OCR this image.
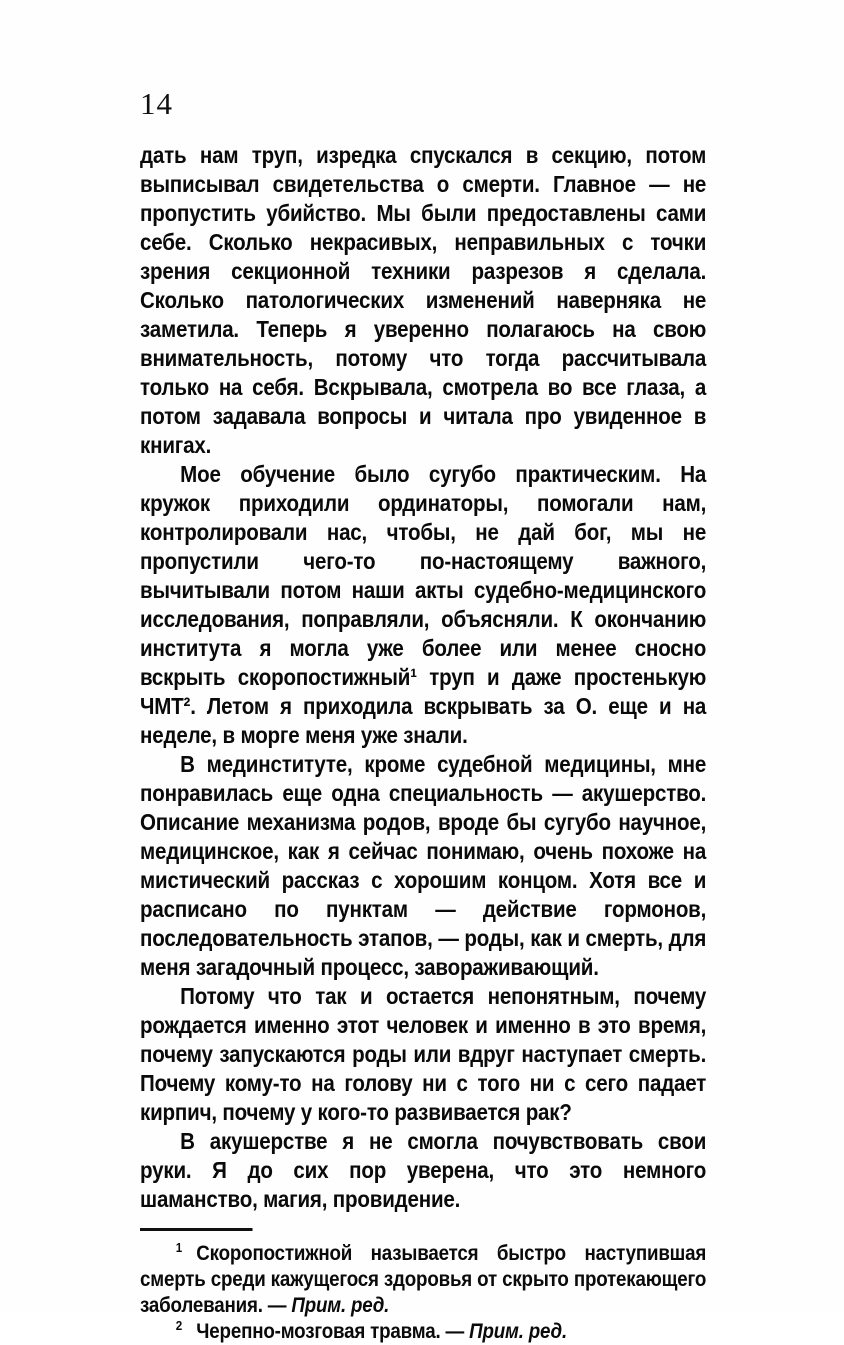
14

дать нам труп, изредка спускался в секцию, потом выписывал свидетельства о смерти. Главное — не пропустить убийство. Мы были предоставлены сами себе. Сколько некрасивых, неправильных с точки зрения секционной техники разрезов я сделала. Сколько патологических изменений наверняка не заметила. Теперь я уверенно полагаюсь на свою внимательность, потому что тогда рассчитывала только на себя. Вскрывала, смотрела во все глаза, а потом задавала вопросы и читала про увиденное в книгах.

Мое обучение было сугубо практическим. На кружок приходили ординаторы, помогали нам, контролировали нас, чтобы, не дай бог, мы не пропустили чего-то по-настоящему важного, вычитывали потом наши акты судебно-медицинского исследования, поправляли, объясняли. К окончанию института я могла уже более или менее сносно вскрыть скоропостижный¹ труп и даже простенькую ЧМТ². Летом я приходила вскрывать за О. еще и на неделе, в морге меня уже знали.

В мединституте, кроме судебной медицины, мне понравилась еще одна специальность — акушерство. Описание механизма родов, вроде бы сугубо научное, медицинское, как я сейчас понимаю, очень похоже на мистический рассказ с хорошим концом. Хотя все и расписано по пунктам — действие гормонов, последовательность этапов, — роды, как и смерть, для меня загадочный процесс, завораживающий.

Потому что так и остается непонятным, почему рождается именно этот человек и именно в это время, почему запускаются роды или вдруг наступает смерть. Почему кому-то на голову ни с того ни с сего падает кирпич, почему у кого-то развивается рак?

В акушерстве я не смогла почувствовать свои руки. Я до сих пор уверена, что это немного шаманство, магия, провидение.

$^1$ Скоропостижной называется быстро наступившая смерть среди кажущегося здоровья от скрыто протекающего заболевания. — Прим. ред.

$^2$ Черепно-мозговая травма. — Прим. ред.
